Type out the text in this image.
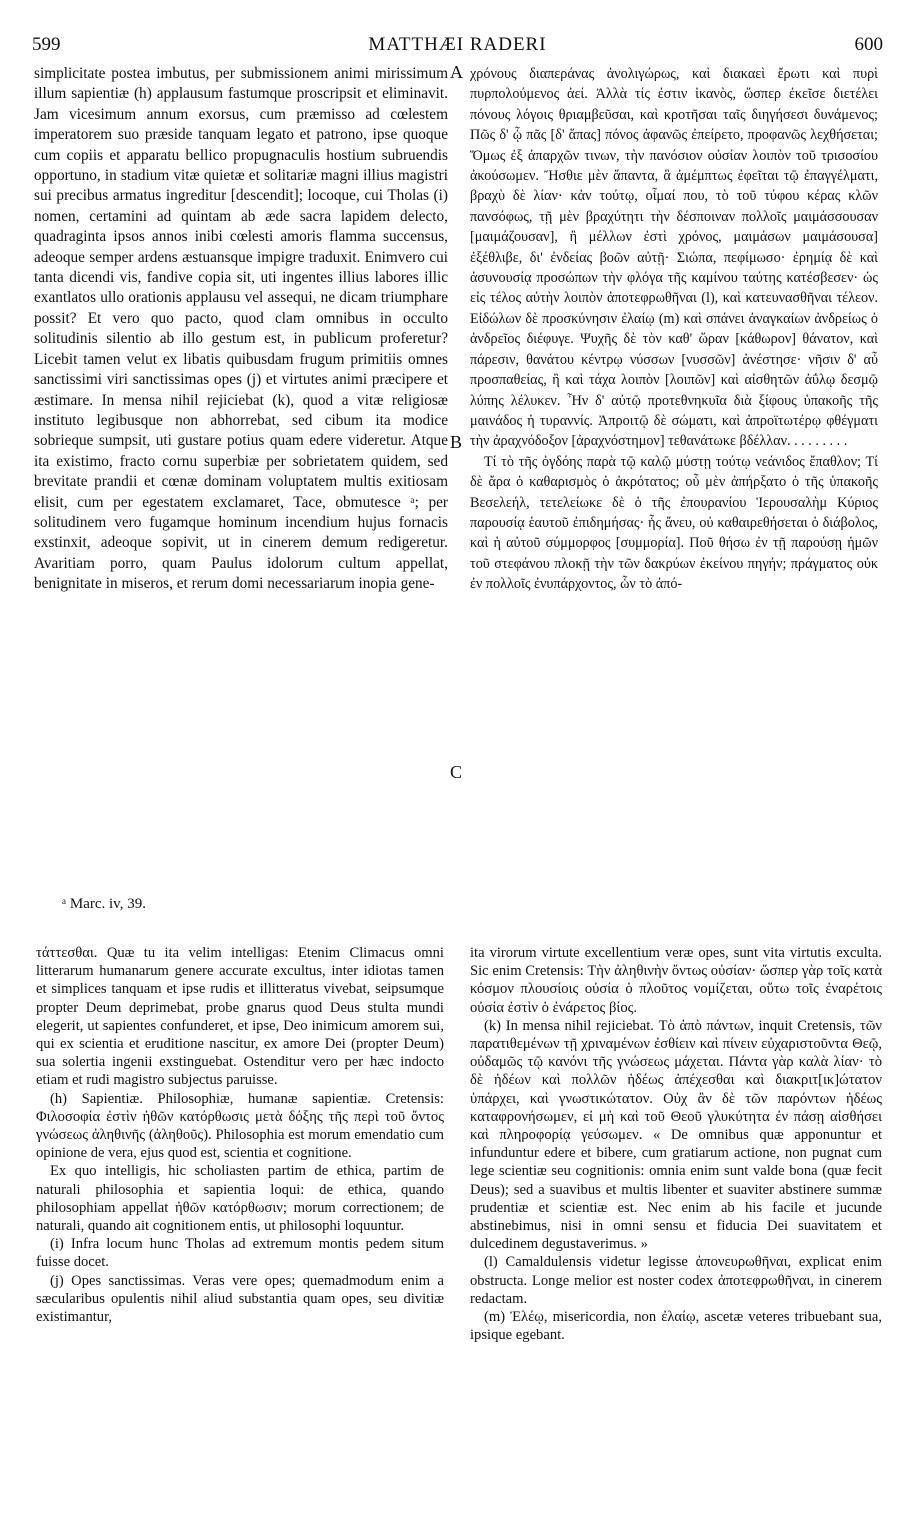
599	MATTHÆI RADERI	600

simplicitate postea imbutus, per submissionem animi mirissimum illum sapientiæ (h) applausum fastumque proscripsit et eliminavit. Jam vicesimum annum exorsus, cum præmisso ad cœlestem imperatorem suo præside tanquam legato et patrono, ipse quoque cum copiis et apparatu bellico propugnaculis hostium subruendis opportuno, in stadium vitæ quietæ et solitariæ magni illius magistri sui precibus armatus ingreditur [descendit]; locoque, cui Tholas (i) nomen, certamini ad quintam ab æde sacra lapidem delecto, quadraginta ipsos annos inibi cœlesti amoris flamma succensus, adeoque semper ardens æstuansque impigre traduxit. Enimvero cui tanta dicendi vis, fandive copia sit, uti ingentes illius labores illic exantlatos ullo orationis applausu vel assequi, ne dicam triumphare possit? Et vero quo pacto, quod clam omnibus in occulto solitudinis silentio ab illo gestum est, in publicum proferetur? Licebit tamen velut ex libatis quibusdam frugum primitiis omnes sanctissimi viri sanctissimas opes (j) et virtutes animi præcipere et æstimare. In mensa nihil rejiciebat (k), quod a vitæ religiosæ instituto legibusque non abhorrebat, sed cibum ita modice sobrieque sumpsit, uti gustare potius quam edere videretur. Atque ita existimo, fracto cornu superbiæ per sobrietatem quidem, sed brevitate prandii et cœnæ dominam voluptatem multis exitiosam elisit, cum per egestatem exclamaret, Tace, obmutesce ᵃ; per solitudinem vero fugamque hominum incendium hujus fornacis exstinxit, adeoque sopivit, ut in cinerem demum redigeretur. Avaritiam porro, quam Paulus idolorum cultum appellat, benignitate in miseros, et rerum domi necessariarum inopia gene-

A
B
C

χρόνους διαπεράνας ἀνολιγώρως, καὶ διακαεὶ ἔρωτι καὶ πυρὶ πυρπολούμενος ἀεί. Ἀλλὰ τίς ἐστιν ἱκανὸς, ὥσπερ ἐκεῖσε διετέλει πόνους λόγοις θριαμβεῦσαι, καὶ κροτῆσαι ταῖς διηγήσεσι δυνάμενος; Πῶς δ' ᾧ πᾶς [δ' ἅπας] πόνος ἀφανῶς ἐπείρετο, προφανῶς λεχθήσεται; Ὅμως ἐξ ἀπαρχῶν τινων, τὴν πανόσιον οὐσίαν λοιπὸν τοῦ τρισοσίου ἀκούσωμεν. Ἤσθιε μὲν ἅπαντα, ἃ ἀμέμπτως ἐφεῖται τῷ ἐπαγγέλματι, βραχὺ δὲ λίαν· κἀν τούτῳ, οἶμαί που, τὸ τοῦ τύφου κέρας κλῶν πανσόφως, τῇ μὲν βραχύτητι τὴν δέσποιναν πολλοῖς μαιμάσσουσαν [μαιμάζουσαν], ἢ μέλλων ἐστὶ χρόνος, μαιμάσων μαιμάσουσα] ἐξέθλιβε, δι' ἐνδείας βοῶν αὐτῇ· Σιώπα, πεφίμωσο· ἐρημίᾳ δὲ καὶ ἀσυνουσίᾳ προσώπων τὴν φλόγα τῆς καμίνου ταύτης κατέσβεσεν· ὡς εἰς τέλος αὐτὴν λοιπὸν ἀποτεφρωθῆναι (l), καὶ κατευνασθῆναι τέλεον. Εἰδώλων δὲ προσκύνησιν ἐλαίῳ (m) καὶ σπάνει ἀναγκαίων ἀνδρείως ὁ ἀνδρεῖος διέφυγε. Ψυχῆς δὲ τὸν καθ' ὥραν [κάθωρον] θάνατον, καὶ πάρεσιν, θανάτου κέντρῳ νύσσων [νυσσῶν] ἀνέστησε· νῆσιν δ' αὖ προσπαθείας, ἢ καὶ τάχα λοιπὸν [λοιπῶν] καὶ αἰσθητῶν ἀΰλῳ δεσμῷ λύπης λέλυκεν. Ἦν δ' αὐτῷ προτεθνηκυῖα διὰ ξίφους ὑπακοῆς τῆς μαινάδος ἡ τυραννίς. Ἀπροιτῷ δὲ σώματι, καὶ ἀπροϊτωτέρῳ φθέγματι τὴν ἀραχνόδοξον [ἀραχνόστημον] τεθανάτωκε βδέλλαν. . . . . . . . .

Τί τὸ τῆς ὀγδόης παρὰ τῷ καλῷ μύστῃ τούτῳ νεάνιδος ἔπαθλον; Τί δὲ ἄρα ὁ καθαρισμὸς ὁ ἀκρότατος; οὗ μὲν ἀπήρξατο ὁ τῆς ὑπακοῆς Βεσελεήλ, τετελείωκε δὲ ὁ τῆς ἐπουρανίου Ἱερουσαλὴμ Κύριος παρουσίᾳ ἑαυτοῦ ἐπιδημήσας· ἧς ἄνευ, οὐ καθαιρεθήσεται ὁ διάβολος, καὶ ἡ αὐτοῦ σύμμορφος [συμμορία]. Ποῦ θήσω ἐν τῇ παρούσῃ ἡμῶν τοῦ στεφάνου πλοκῇ τὴν τῶν δακρύων ἐκείνου πηγήν; πράγματος οὐκ ἐν πολλοῖς ἐνυπάρχοντος, ὧν τὸ ἀπό-

ᵃ Marc. iv, 39.

τάττεσθαι. Quæ tu ita velim intelligas: Etenim Climacus omni litterarum humanarum genere accurate excultus, inter idiotas tamen et simplices tanquam et ipse rudis et illitteratus vivebat, seipsumque propter Deum deprimebat, probe gnarus quod Deus stulta mundi elegerit, ut sapientes confunderet, et ipse, Deo inimicum amorem sui, qui ex scientia et eruditione nascitur, ex amore Dei (propter Deum) sua solertia ingenii exstinguebat. Ostenditur vero per hæc indocto etiam et rudi magistro subjectus paruisse.

(h) Sapientiæ. Philosophiæ, humanæ sapientiæ. Cretensis: Φιλοσοφία ἐστὶν ἠθῶν κατόρθωσις μετὰ δόξης τῆς περὶ τοῦ ὄντος γνώσεως ἀληθινῆς (ἀληθοῦς). Philosophia est morum emendatio cum opinione de vera, ejus quod est, scientia et cognitione.

Ex quo intelligis, hic scholiasten partim de ethica, partim de naturali philosophia et sapientia loqui: de ethica, quando philosophiam appellat ἠθῶν κατόρθωσιν; morum correctionem; de naturali, quando ait cognitionem entis, ut philosophi loquuntur.

(i) Infra locum hunc Tholas ad extremum montis pedem situm fuisse docet.

(j) Opes sanctissimas. Veras vere opes; quemadmodum enim a sæcularibus opulentis nihil aliud substantia quam opes, seu divitiæ existimantur,

ita virorum virtute excellentium veræ opes, sunt vita virtutis exculta. Sic enim Cretensis: Τὴν ἀληθινὴν ὄντως οὐσίαν· ὥσπερ γὰρ τοῖς κατὰ κόσμον πλουσίοις οὐσία ὁ πλοῦτος νομίζεται, οὕτω τοῖς ἐναρέτοις οὐσία ἐστὶν ὁ ἐνάρετος βίος.

(k) In mensa nihil rejiciebat. Τὸ ἀπὸ πάντων, inquit Cretensis, τῶν παρατιθεμένων τῇ χριναμένων ἐσθίειν καὶ πίνειν εὐχαριστοῦντα Θεῷ, οὐδαμῶς τῷ κανόνι τῆς γνώσεως μάχεται. Πάντα γὰρ καλὰ λίαν· τὸ δὲ ἡδέων καὶ πολλῶν ἡδέως ἀπέχεσθαι καὶ διακριτ[ικ]ώτατον ὑπάρχει, καὶ γνωστικώτατον. Οὐχ ἂν δὲ τῶν παρόντων ἡδέως καταφρονήσωμεν, εἰ μὴ καὶ τοῦ Θεοῦ γλυκύτητα ἐν πάσῃ αἰσθήσει καὶ πληροφορίᾳ γεύσωμεν. « De omnibus quæ apponuntur et infunduntur edere et bibere, cum gratiarum actione, non pugnat cum lege scientiæ seu cognitionis: omnia enim sunt valde bona (quæ fecit Deus); sed a suavibus et multis libenter et suaviter abstinere summæ prudentiæ et scientiæ est. Nec enim ab his facile et jucunde abstinebimus, nisi in omni sensu et fiducia Dei suavitatem et dulcedinem degustaverimus. »

(l) Camaldulensis videtur legisse ἀπονευρωθῆναι, explicat enim obstructa. Longe melior est noster codex ἀποτεφρωθῆναι, in cinerem redactam.

(m) Ἐλέῳ, misericordia, non ἐλαίῳ, ascetæ veteres tribuebant sua, ipsique egebant.
